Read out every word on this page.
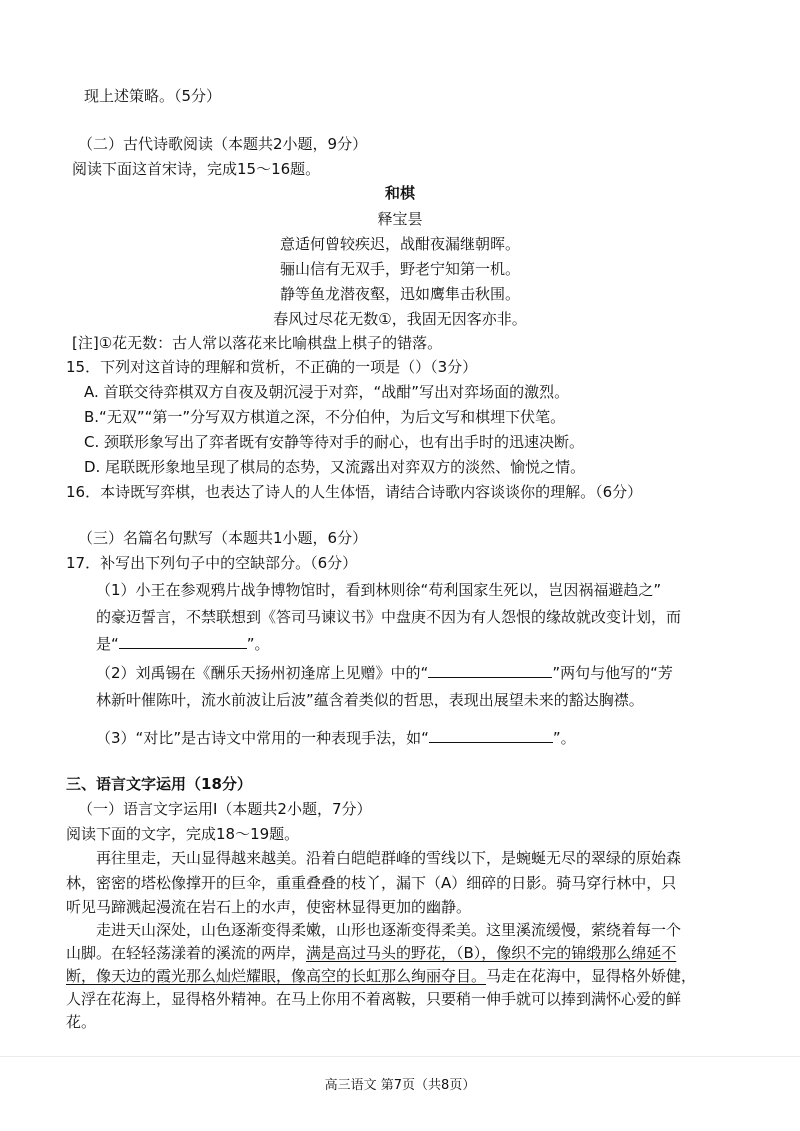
现上述策略。（5分）
（二）古代诗歌阅读（本题共2小题，9分）
阅读下面这首宋诗，完成15～16题。
和棋
释宝昙
意适何曾较疾迟，战酣夜漏继朝晖。
骊山信有无双手，野老宁知第一机。
静等鱼龙潜夜壑，迅如鹰隼击秋围。
春风过尽花无数①，我固无因客亦非。
[注]①花无数：古人常以落花来比喻棋盘上棋子的错落。
15．下列对这首诗的理解和赏析，不正确的一项是（）（3分）
A. 首联交待弈棋双方自夜及朝沉浸于对弈，“战酣”写出对弈场面的激烈。
B.“无双”“第一”分写双方棋道之深，不分伯仲，为后文写和棋埋下伏笔。
C. 颈联形象写出了弈者既有安静等待对手的耐心，也有出手时的迅速决断。
D. 尾联既形象地呈现了棋局的态势，又流露出对弈双方的淡然、愉悦之情。
16．本诗既写弈棋，也表达了诗人的人生体悟，请结合诗歌内容谈谈你的理解。（6分）
（三）名篇名句默写（本题共1小题，6分）
17．补写出下列句子中的空缺部分。（6分）
（1）小王在参观鸦片战争博物馆时，看到林则徐“苟利国家生死以，岂因祸福避趋之”
的豪迈誓言，不禁联想到《答司马谏议书》中盘庚不因为有人怨恨的缘故就改变计划，而
是“	”。
（2）刘禹锡在《酬乐天扬州初逢席上见赠》中的“	”两句与他写的“芳
林新叶催陈叶，流水前波让后波”蕴含着类似的哲思，表现出展望未来的豁达胸襟。
（3）“对比”是古诗文中常用的一种表现手法，如“	”。
三、语言文字运用（18分）
（一）语言文字运用Ⅰ（本题共2小题，7分）
阅读下面的文字，完成18～19题。
再往里走，天山显得越来越美。沿着白皑皑群峰的雪线以下，是蜿蜒无尽的翠绿的原始森
林，密密的塔松像撑开的巨伞，重重叠叠的枝丫，漏下（A）细碎的日影。骑马穿行林中，只
听见马蹄溅起漫流在岩石上的水声，使密林显得更加的幽静。
走进天山深处，山色逐渐变得柔嫩，山形也逐渐变得柔美。这里溪流缓慢，萦绕着每一个
山脚。在轻轻荡漾着的溪流的两岸，满是高过马头的野花，（B），像织不完的锦缎那么绵延不
断，像天边的霞光那么灿烂耀眼，像高空的长虹那么绚丽夺目。马走在花海中，显得格外娇健，
人浮在花海上，显得格外精神。在马上你用不着离鞍，只要稍一伸手就可以捧到满怀心爱的鲜
花。
高三语文 第7页（共8页）
